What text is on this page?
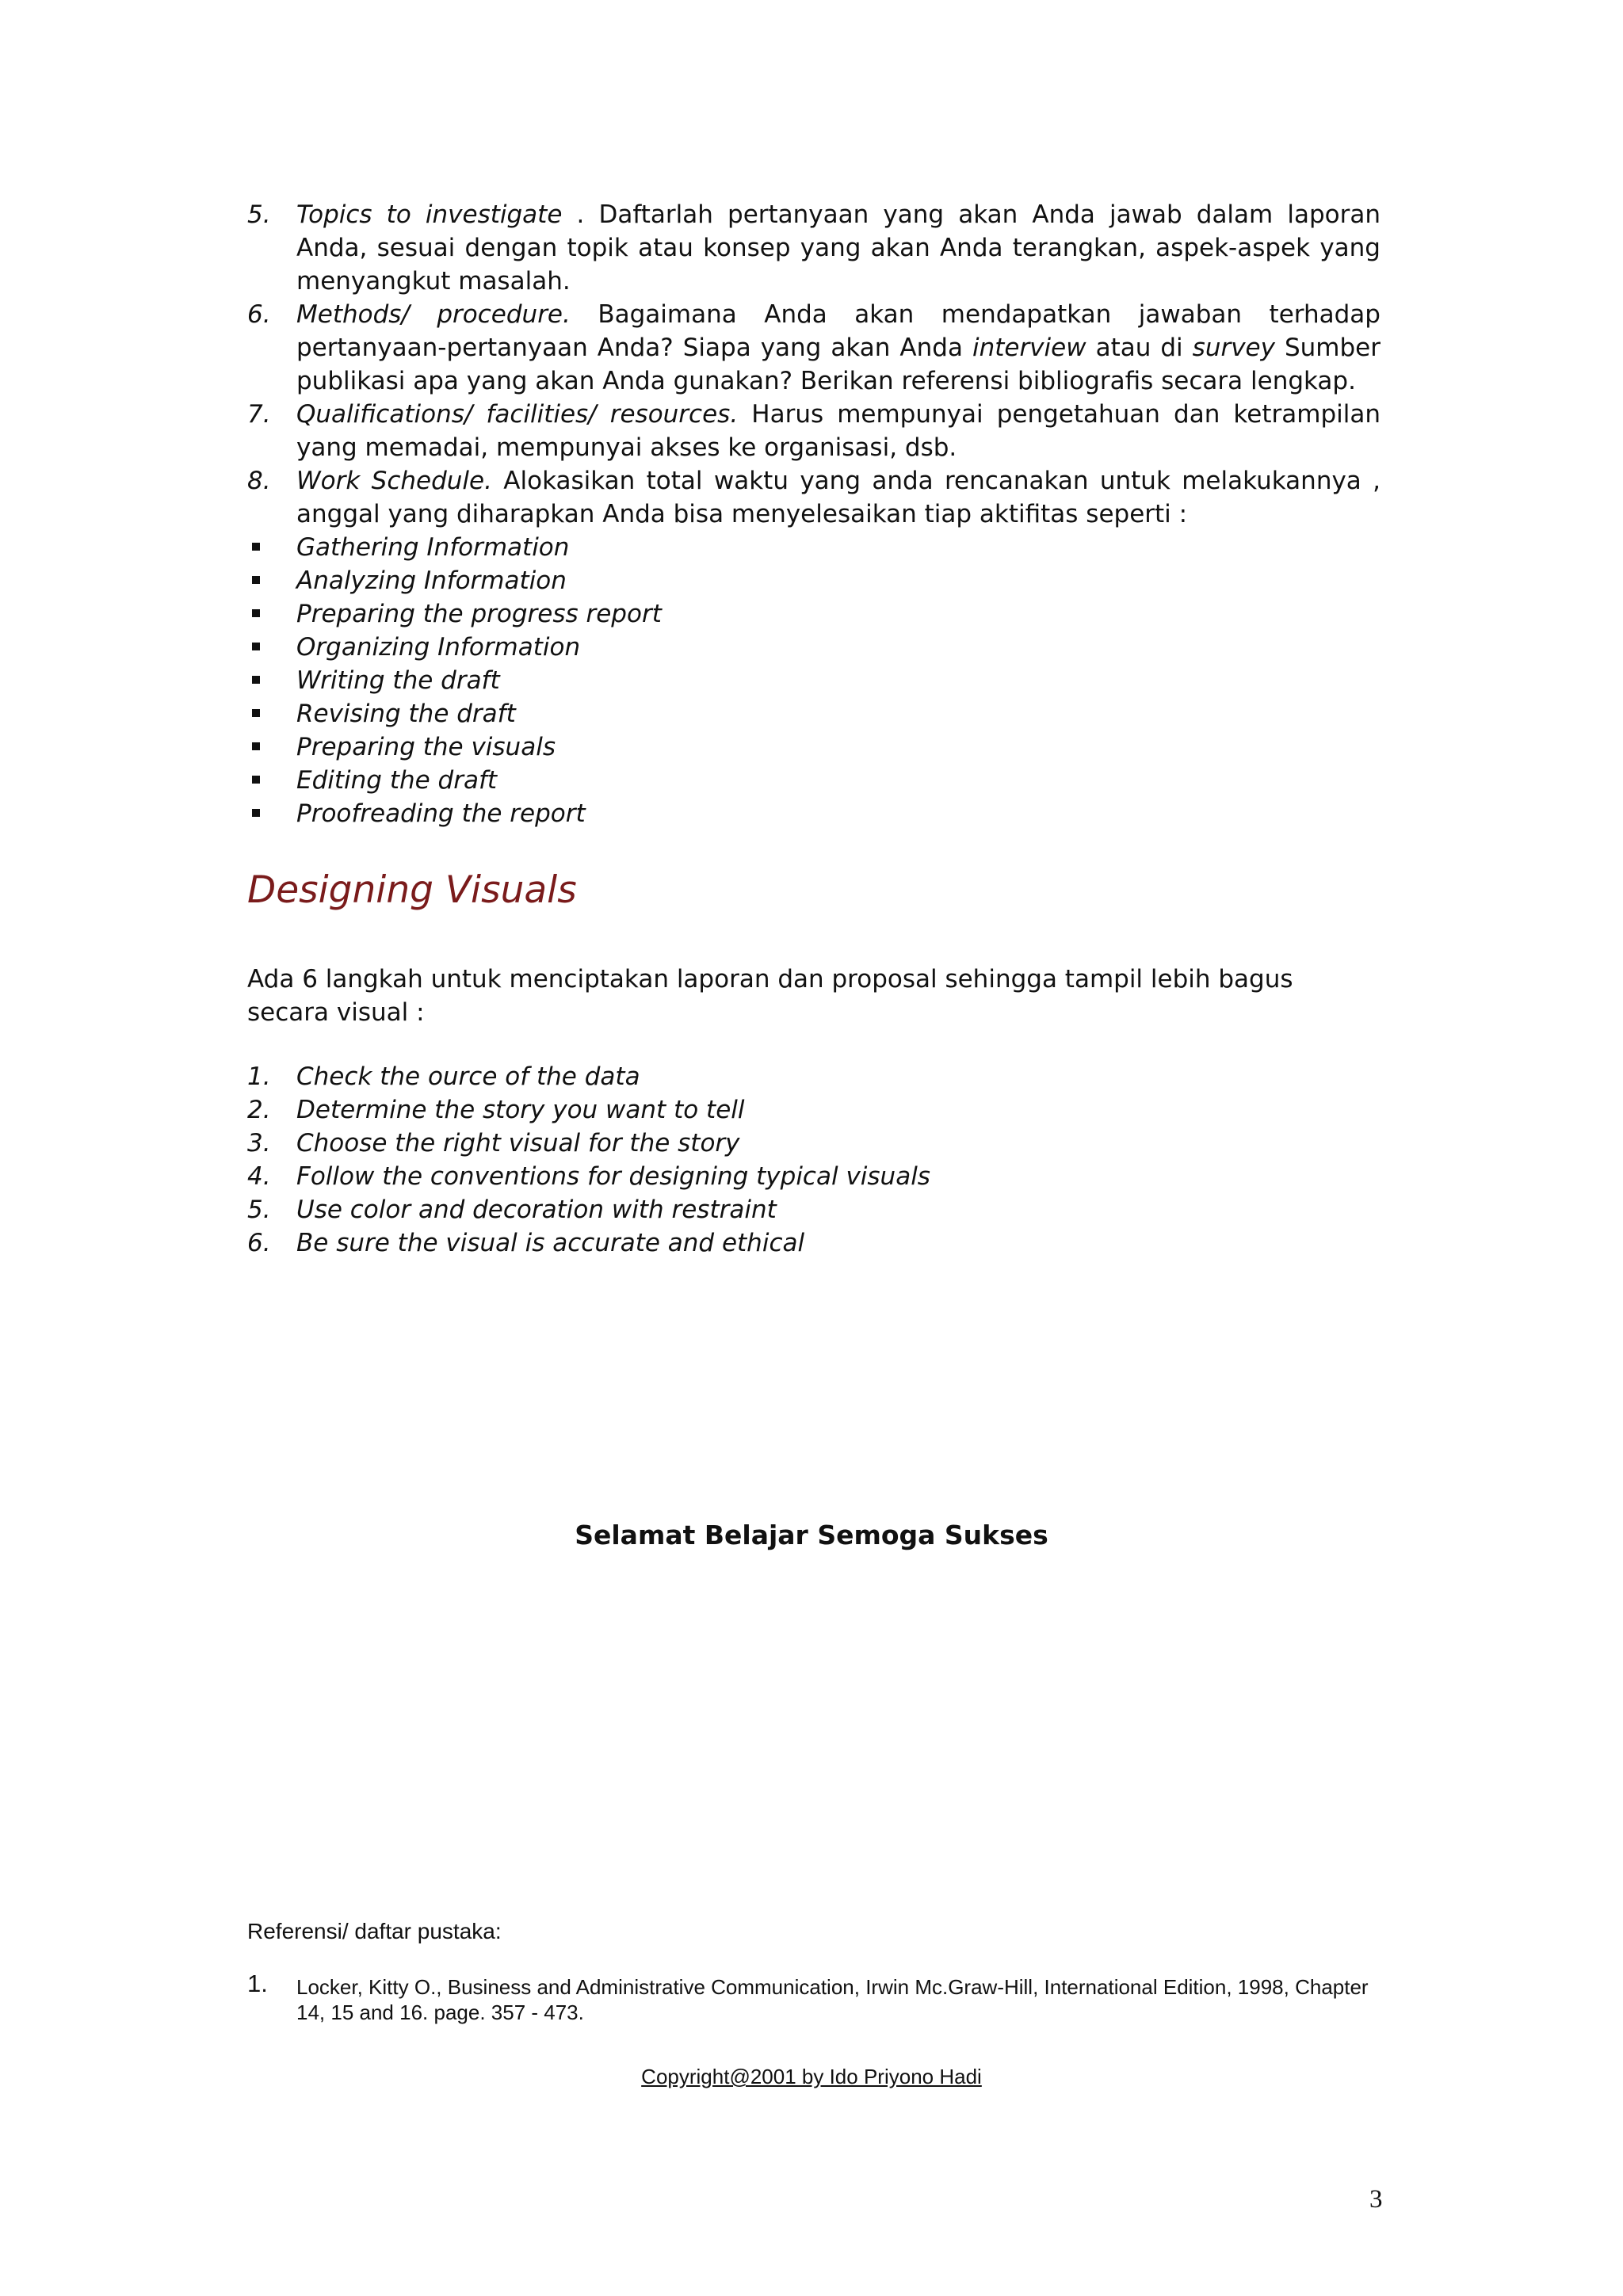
5. Topics to investigate . Daftarlah pertanyaan yang akan Anda jawab dalam laporan Anda, sesuai dengan topik atau konsep yang akan Anda terangkan, aspek-aspek yang menyangkut masalah.
6. Methods/ procedure. Bagaimana Anda akan mendapatkan jawaban terhadap pertanyaan-pertanyaan Anda? Siapa yang akan Anda interview atau di survey Sumber publikasi apa yang akan Anda gunakan? Berikan referensi bibliografis secara lengkap.
7. Qualifications/ facilities/ resources. Harus mempunyai pengetahuan dan ketrampilan yang memadai, mempunyai akses ke organisasi, dsb.
8. Work Schedule. Alokasikan total waktu yang anda rencanakan untuk melakukannya , anggal yang diharapkan Anda bisa menyelesaikan tiap aktifitas seperti :
Gathering Information
Analyzing Information
Preparing the progress report
Organizing Information
Writing the draft
Revising the draft
Preparing the visuals
Editing the draft
Proofreading the report
Designing Visuals
Ada 6 langkah untuk menciptakan laporan dan proposal sehingga tampil lebih bagus secara visual :
1. Check the ource of the data
2. Determine the story you want to tell
3. Choose the right visual for the story
4. Follow the conventions for designing typical visuals
5. Use color and decoration with restraint
6. Be sure the visual is accurate and ethical
Selamat Belajar Semoga Sukses
Referensi/ daftar pustaka:
1. Locker, Kitty O., Business and Administrative Communication, Irwin Mc.Graw-Hill, International Edition, 1998, Chapter 14, 15 and 16. page. 357 - 473.
Copyright@2001 by Ido Priyono Hadi
3
